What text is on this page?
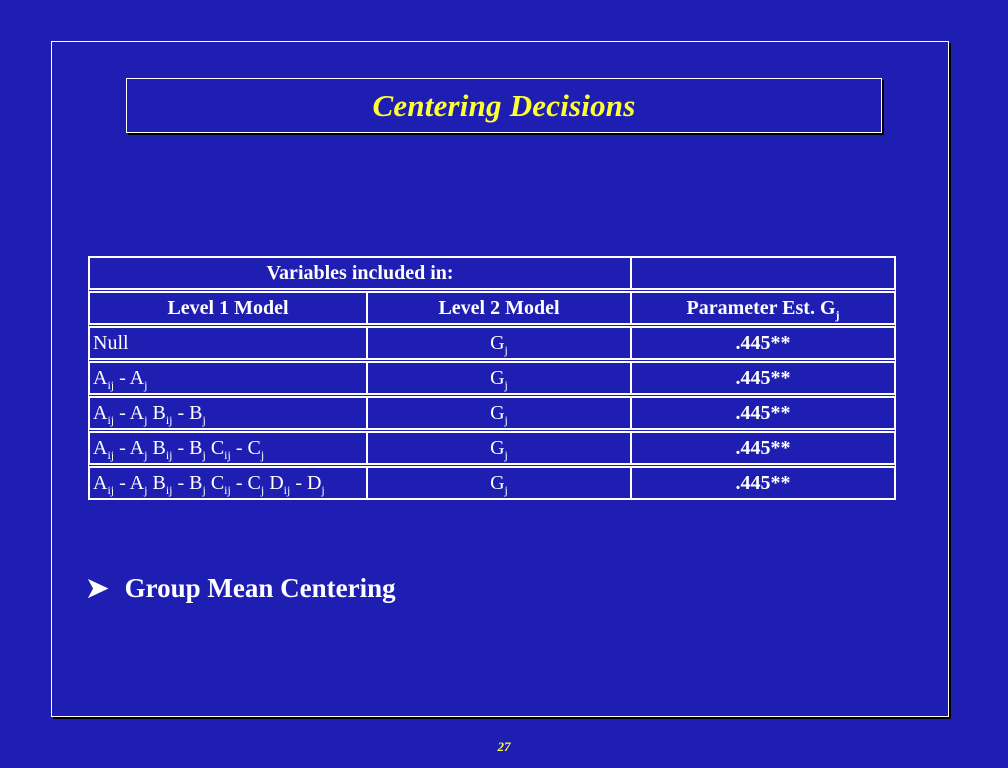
Centering Decisions
Variables included in:		

Level 1 Model	Level 2 Model	Parameter Est. $G_j$

Null	$G_j$	.445**

$A_{ij} - A_j$	$G_j$	.445**

$A_{ij} - A_j$ $B_{ij} - B_j$	$G_j$	.445**

$A_{ij} - A_j$ $B_{ij} - B_j$ $C_{ij} - C_j$	$G_j$	.445**

$A_{ij} - A_j$ $B_{ij} - B_j$ $C_{ij} - C_j$ $D_{ij} - D_j$	$G_j$	.445**
➤ Group Mean Centering
27
